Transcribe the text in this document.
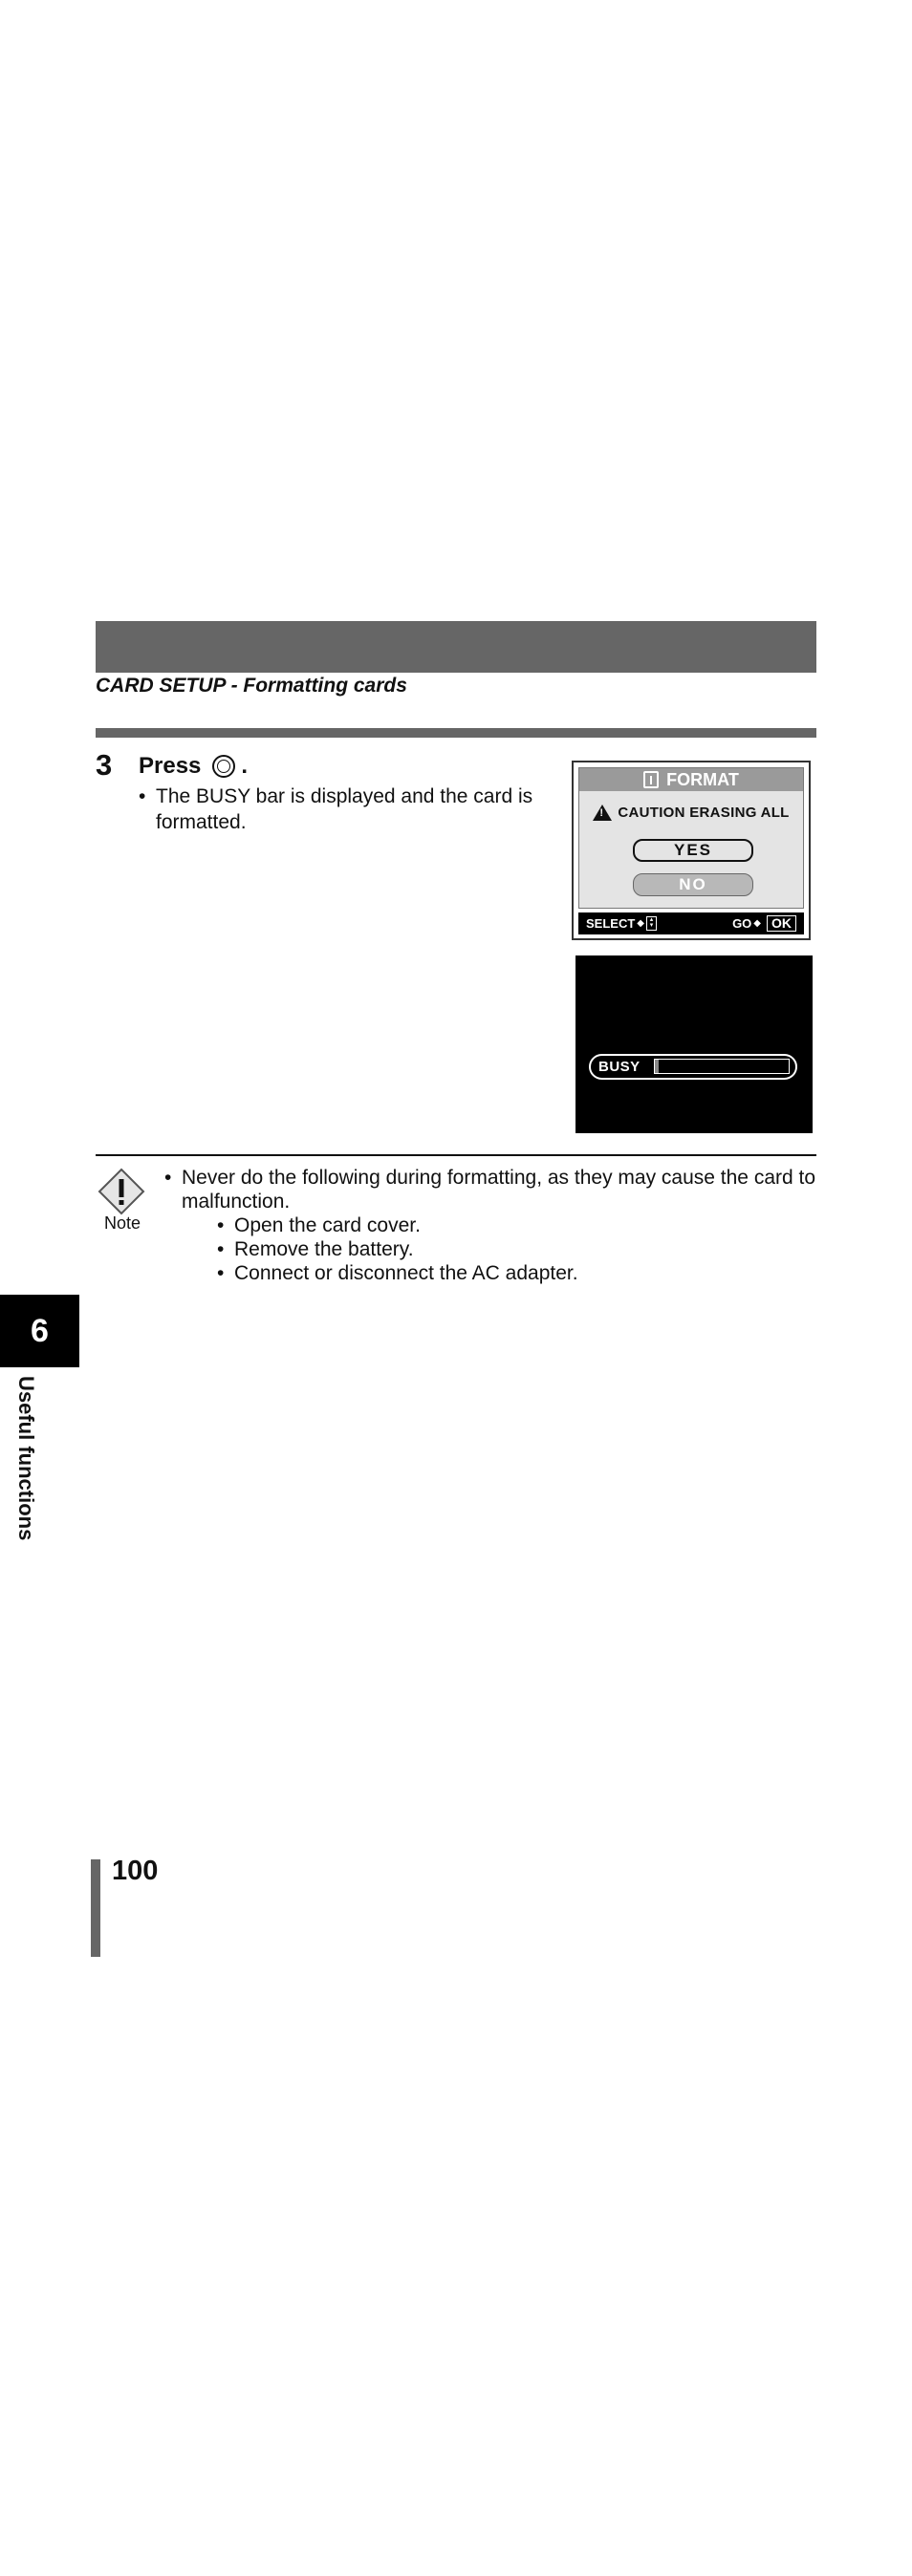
CARD SETUP - Formatting cards
3 Press .
• The BUSY bar is displayed and the card is formatted.
FORMAT
!
CAUTION ERASING ALL
YES
NO
SELECT ◆ ▴
▾	GO ◆ OK
BUSY
Note
• Never do the following during formatting, as they may cause the card to malfunction.
• Open the card cover.
• Remove the battery.
• Connect or disconnect the AC adapter.
6
Useful functions
100
